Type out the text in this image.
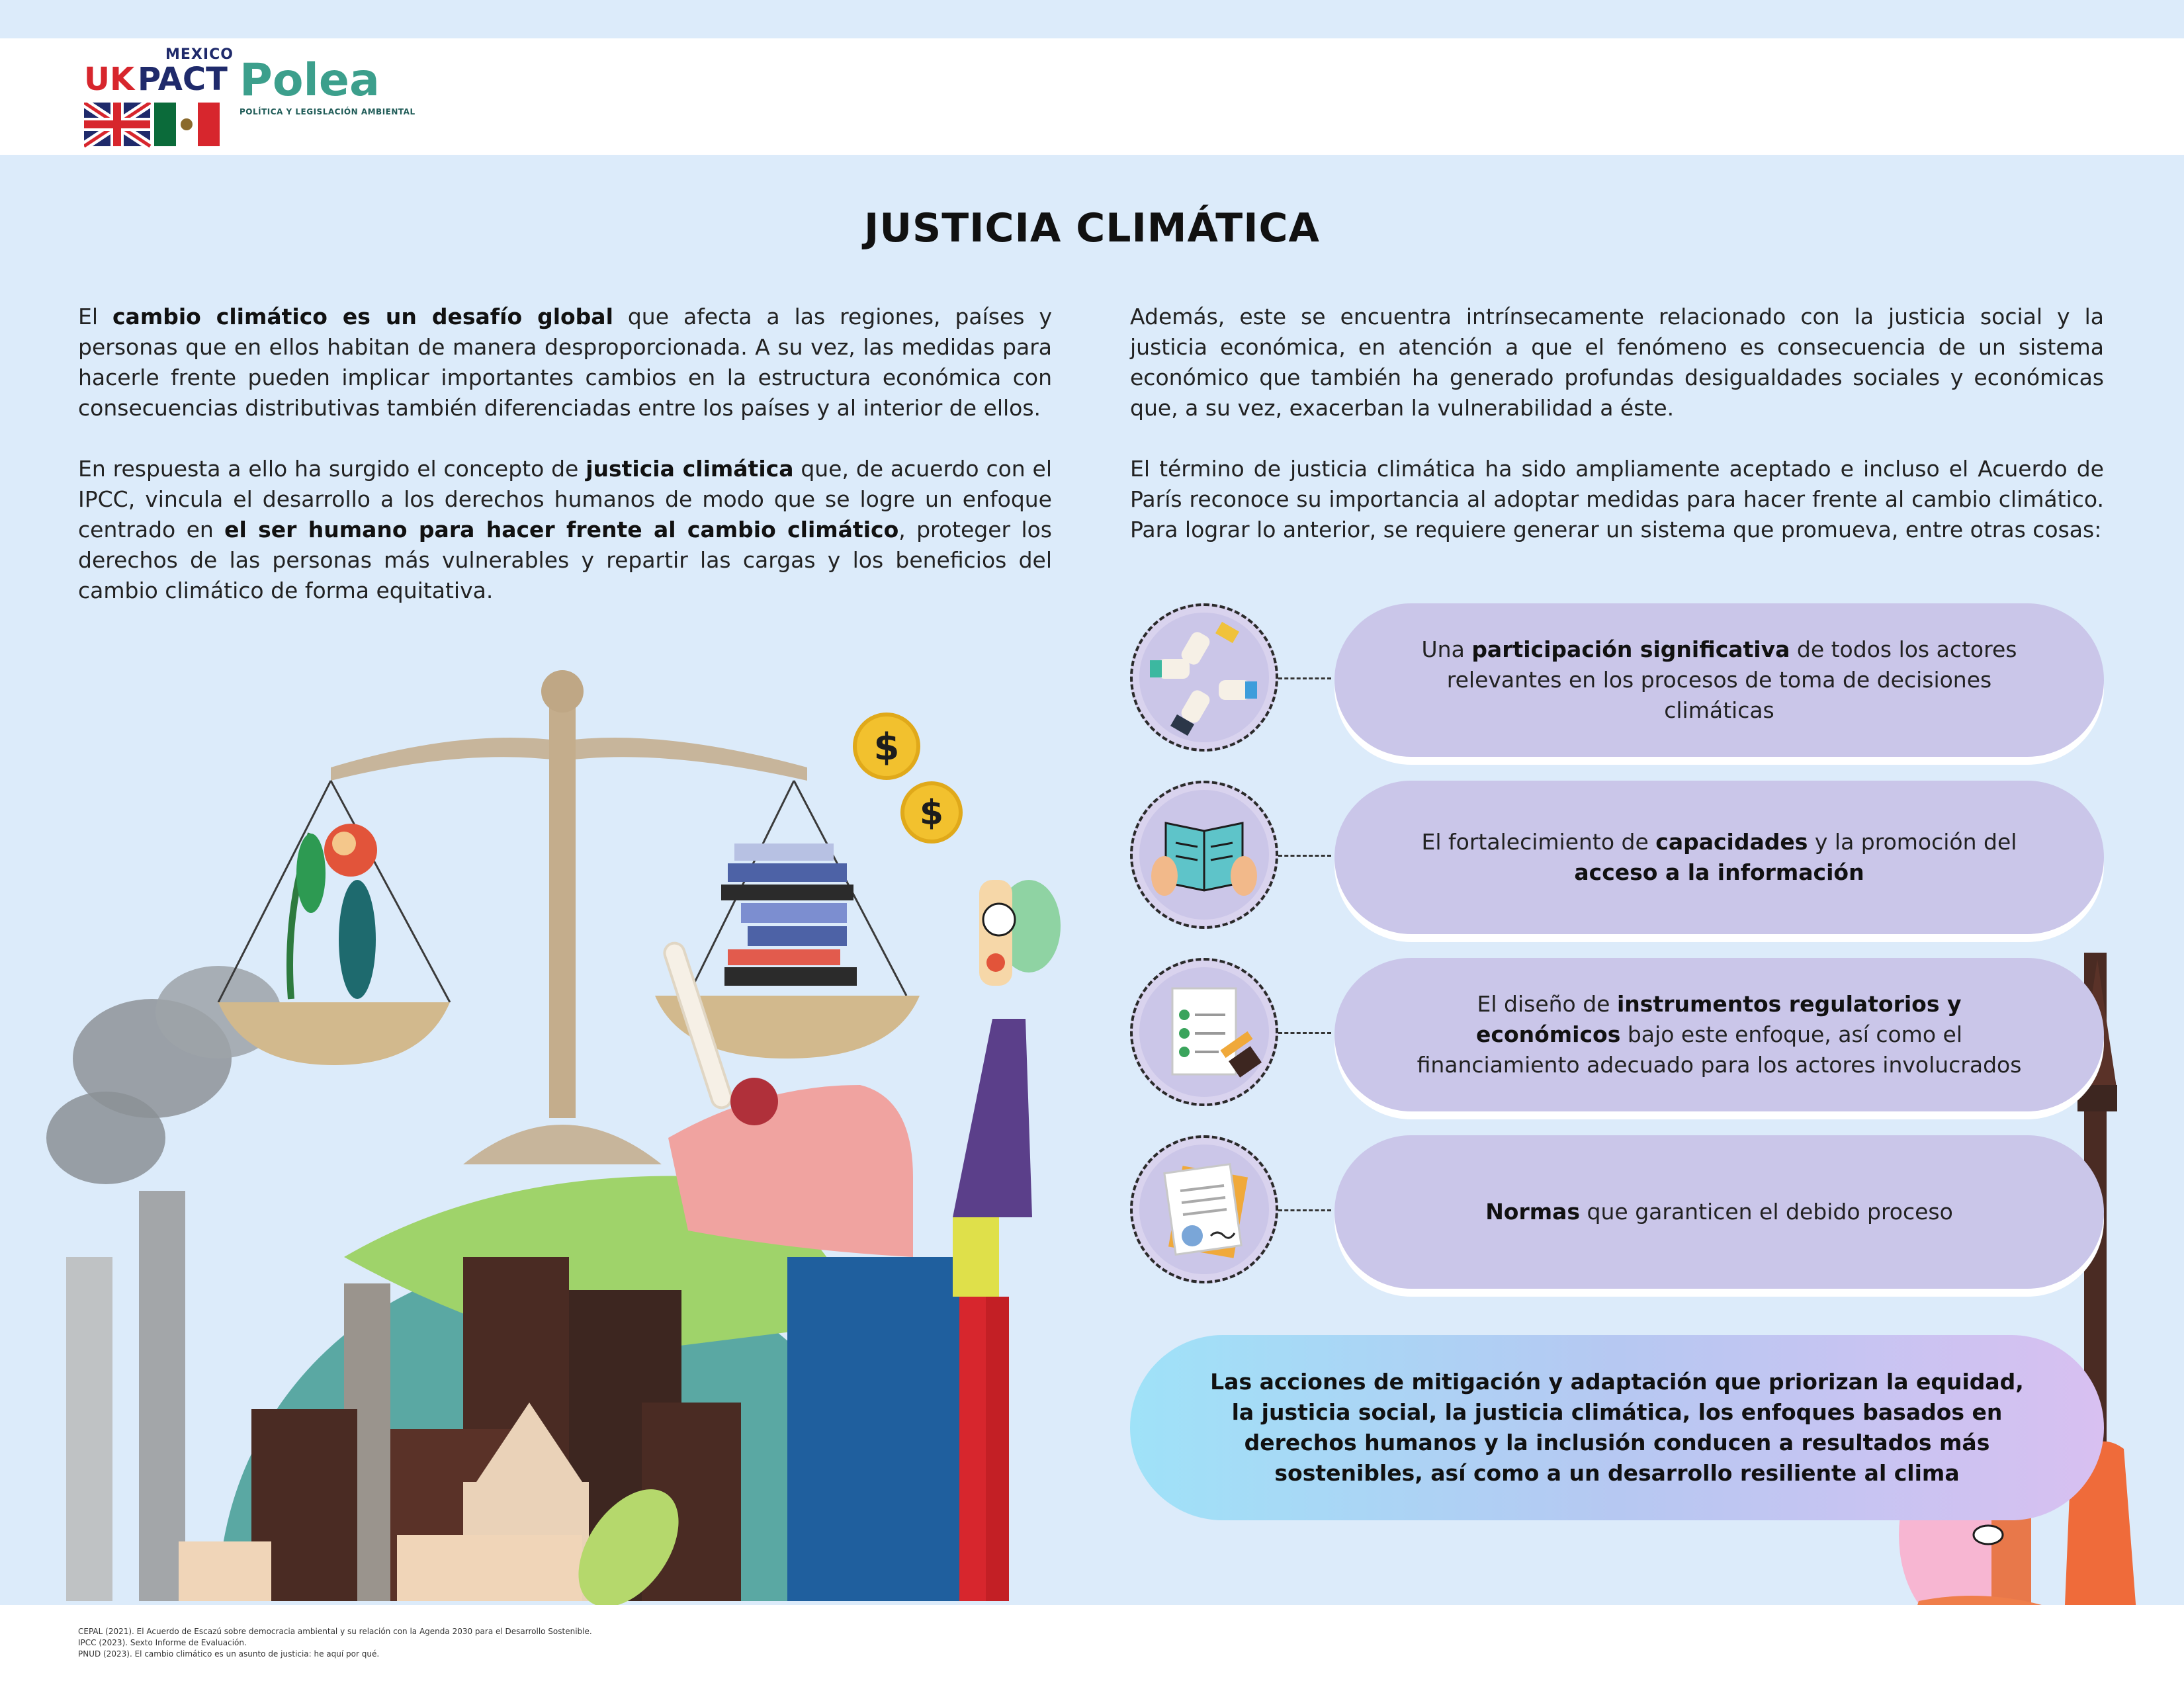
MEXICO
UK PACT Polea
POLÍTICA Y LEGISLACIÓN AMBIENTAL
JUSTICIA CLIMÁTICA
El cambio climático es un desafío global que afecta a las regiones, países y personas que en ellos habitan de manera desproporcionada. A su vez, las medidas para hacerle frente pueden implicar importantes cambios en la estructura económica con consecuencias distributivas también diferenciadas entre los países y al interior de ellos.
En respuesta a ello ha surgido el concepto de justicia climática que, de acuerdo con el IPCC, vincula el desarrollo a los derechos humanos de modo que se logre un enfoque centrado en el ser humano para hacer frente al cambio climático, proteger los derechos de las personas más vulnerables y repartir las cargas y los beneficios del cambio climático de forma equitativa.
Además, este se encuentra intrínsecamente relacionado con la justicia social y la justicia económica, en atención a que el fenómeno es consecuencia de un sistema económico que también ha generado profundas desigualdades sociales y económicas que, a su vez, exacerban la vulnerabilidad a éste.
El término de justicia climática ha sido ampliamente aceptado e incluso el Acuerdo de París reconoce su importancia al adoptar medidas para hacer frente al cambio climático. Para lograr lo anterior, se requiere generar un sistema que promueva, entre otras cosas:
$
$
Una participación significativa de todos los actores relevantes en los procesos de toma de decisiones climáticas
El fortalecimiento de capacidades y la promoción del acceso a la información
El diseño de instrumentos regulatorios y económicos bajo este enfoque, así como el financiamiento adecuado para los actores involucrados
Normas que garanticen el debido proceso
Las acciones de mitigación y adaptación que priorizan la equidad, la justicia social, la justicia climática, los enfoques basados en derechos humanos y la inclusión conducen a resultados más sostenibles, así como a un desarrollo resiliente al clima
CEPAL (2021). El Acuerdo de Escazú sobre democracia ambiental y su relación con la Agenda 2030 para el Desarrollo Sostenible.
IPCC (2023). Sexto Informe de Evaluación.
PNUD (2023). El cambio climático es un asunto de justicia: he aquí por qué.
